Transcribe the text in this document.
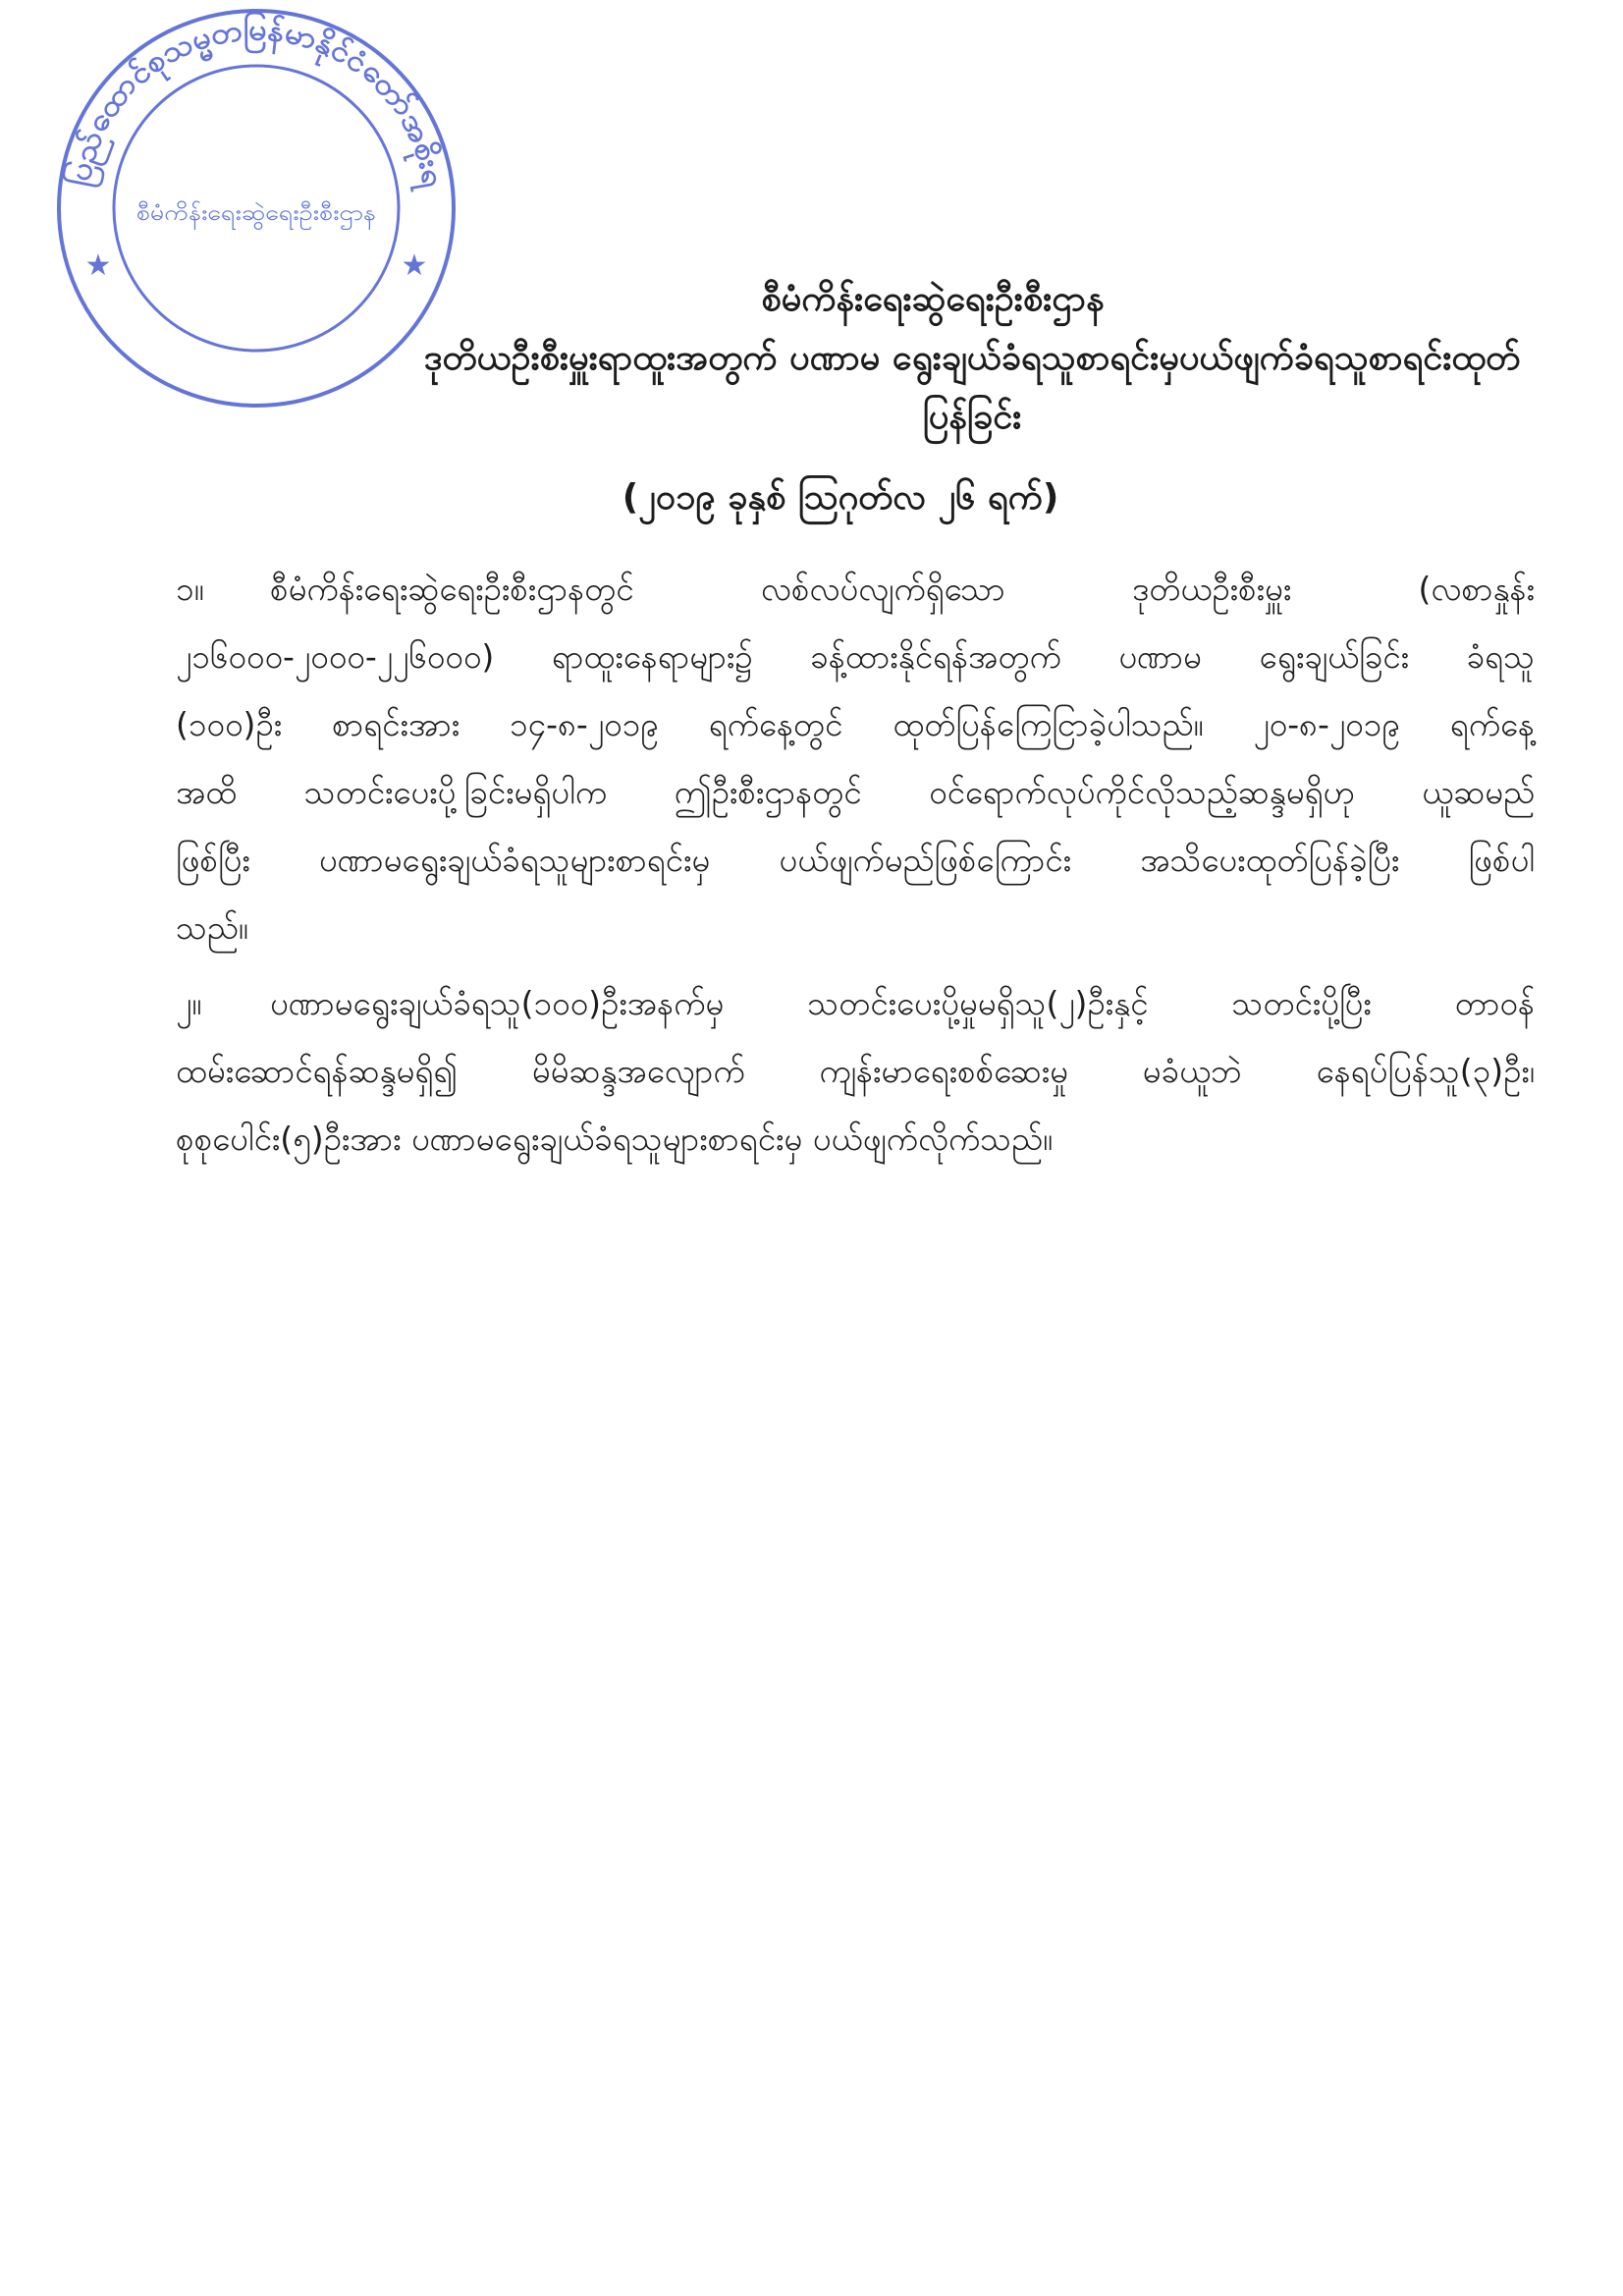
ပြည်ထောင်စုသမ္မတမြန်မာနိုင်ငံတော်အစိုးရ
စီမံကိန်းရေးဆွဲရေးဦးစီးဌာန
★	★
စီမံကိန်းရေးဆွဲရေးဦးစီးဌာန
ဒုတိယဦးစီးမှူးရာထူးအတွက် ပဏာမ ရွေးချယ်ခံရသူစာရင်းမှပယ်ဖျက်ခံရသူစာရင်းထုတ်ပြန်ခြင်း
(၂၀၁၉ ခုနှစ် ဩဂုတ်လ ၂၆ ရက်)
၁။ စီမံကိန်းရေးဆွဲရေးဦးစီးဌာနတွင် လစ်လပ်လျက်ရှိသော ဒုတိယဦးစီးမှူး (လစာနှုန်း
၂၁၆၀၀၀-၂၀၀၀-၂၂၆၀၀၀) ရာထူးနေရာများ၌ ခန့်ထားနိုင်ရန်အတွက် ပဏာမ ရွေးချယ်ခြင်း ခံရသူ
(၁၀၀)ဦး စာရင်းအား ၁၄-၈-၂၀၁၉ ရက်နေ့တွင် ထုတ်ပြန်ကြေငြာခဲ့ပါသည်။ ၂၀-၈-၂၀၁၉ ရက်နေ့
အထိ သတင်းပေးပို့ခြင်းမရှိပါက ဤဦးစီးဌာနတွင် ဝင်ရောက်လုပ်ကိုင်လိုသည့်ဆန္ဒမရှိဟု ယူဆမည်
ဖြစ်ပြီး ပဏာမရွေးချယ်ခံရသူများစာရင်းမှ ပယ်ဖျက်မည်ဖြစ်ကြောင်း အသိပေးထုတ်ပြန်ခဲ့ပြီး ဖြစ်ပါ
သည်။
၂။ ပဏာမရွေးချယ်ခံရသူ(၁၀၀)ဦးအနက်မှ သတင်းပေးပို့မှုမရှိသူ(၂)ဦးနှင့် သတင်းပို့ပြီး တာဝန်
ထမ်းဆောင်ရန်ဆန္ဒမရှိ၍ မိမိဆန္ဒအလျောက် ကျန်းမာရေးစစ်ဆေးမှု မခံယူဘဲ နေရပ်ပြန်သူ(၃)ဦး၊
စုစုပေါင်း(၅)ဦးအား ပဏာမရွေးချယ်ခံရသူများစာရင်းမှ ပယ်ဖျက်လိုက်သည်။
